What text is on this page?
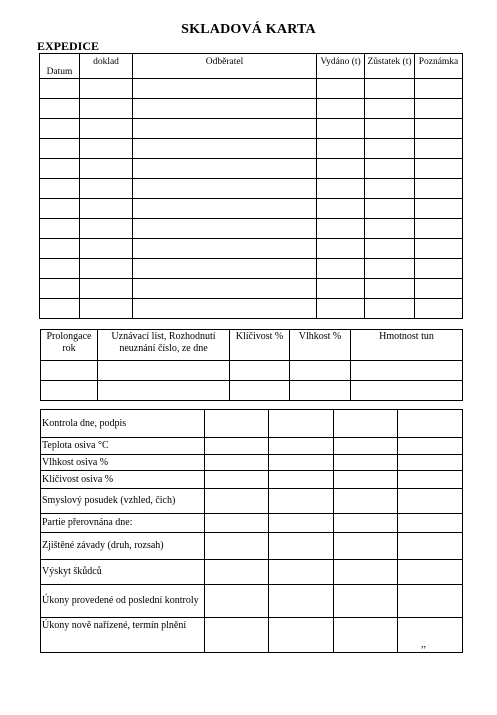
SKLADOVÁ KARTA
EXPEDICE
Datum	doklad	Odběratel	Vydáno (t)	Zůstatek (t)	Poznámka

Prolongace rok	Uznávací list, Rozhodnutí neuznání číslo, ze dne	Klíčivost %	Vlhkost %	Hmotnost tun

Kontrola dne, podpis				
Teplota osiva °C				
Vlhkost osiva %				
Klíčivost osiva %				
Smyslový posudek (vzhled, čich)				
Partie přerovnána dne:				
Zjištěné závady (druh, rozsah)				
Výskyt škůdců				
Úkony provedené od poslední kontroly				
Úkony nově nařízené, termín plnění				,,
